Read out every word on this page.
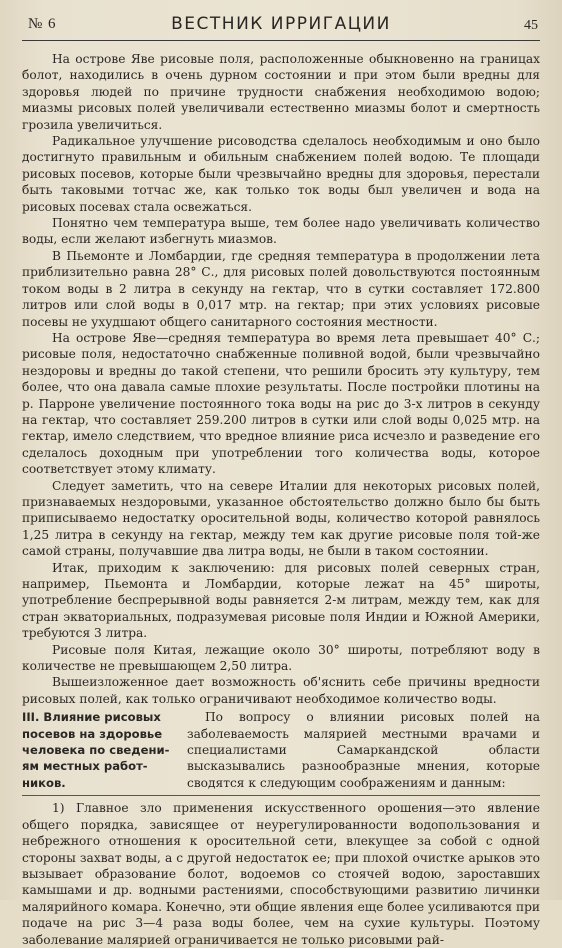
№ 6	ВЕСТНИК ИРРИГАЦИИ	45

На острове Яве рисовые поля, расположенные обыкновенно на границах болот, находились в очень дурном состоянии и при этом были вредны для здоровья людей по причине трудности снабжения необходимою водою; миазмы рисовых полей увеличивали естественно миазмы болот и смертность грозила увеличиться.

Радикальное улучшение рисоводства сделалось необходимым и оно было достигнуто правильным и обильным снабжением полей водою. Те площади рисовых посевов, которые были чрезвычайно вредны для здоровья, перестали быть таковыми тотчас же, как только ток воды был увеличен и вода на рисовых посевах стала освежаться.

Понятно чем температура выше, тем более надо увеличивать количество воды, если желают избегнуть миазмов.

В Пьемонте и Ломбардии, где средняя температура в продолжении лета приблизительно равна 28° С., для рисовых полей довольствуются постоянным током воды в 2 литра в секунду на гектар, что в сутки составляет 172.800 литров или слой воды в 0,017 мтр. на гектар; при этих условиях рисовые посевы не ухудшают общего санитарного состояния местности.

На острове Яве—средняя температура во время лета превышает 40° С.; рисовые поля, недостаточно снабженные поливной водой, были чрезвычайно нездоровы и вредны до такой степени, что решили бросить эту культуру, тем более, что она давала самые плохие результаты. После постройки плотины на р. Парроне увеличение постоянного тока воды на рис до 3-х литров в секунду на гектар, что составляет 259.200 литров в сутки или слой воды 0,025 мтр. на гектар, имело следствием, что вредное влияние риса исчезло и разведение его сделалось доходным при употреблении того количества воды, которое соответствует этому климату.

Следует заметить, что на севере Италии для некоторых рисовых полей, признаваемых нездоровыми, указанное обстоятельство должно было бы быть приписываемо недостатку оросительной воды, количество которой равнялось 1,25 литра в секунду на гектар, между тем как другие рисовые поля той-же самой страны, получавшие два литра воды, не были в таком состоянии.

Итак, приходим к заключению: для рисовых полей северных стран, например, Пьемонта и Ломбардии, которые лежат на 45° широты, употребление беспрерывной воды равняется 2-м литрам, между тем, как для стран экваториальных, подразумевая рисовые поля Индии и Южной Америки, требуются 3 литра.

Рисовые поля Китая, лежащие около 30° широты, потребляют воду в количестве не превышающем 2,50 литра.

Вышеизложенное дает возможность об'яснить себе причины вредности рисовых полей, как только ограничивают необходимое количество воды.

III. Влияние рисовых
посевов на здоровье
человека по сведени-
ям местных работ-
ников.
По вопросу о влиянии рисовых полей на заболеваемость малярией местными врачами и специалистами Самаркандской области высказывались разнообразные мнения, которые сводятся к следующим соображениям и данным:

1) Главное зло применения искусственного орошения—это явление общего порядка, зависящее от неурегулированности водопользования и небрежного отношения к оросительной сети, влекущее за собой с одной стороны захват воды, а с другой недостаток ее; при плохой очистке арыков это вызывает образование болот, водоемов со стоячей водою, зароставших камышами и др. водными растениями, способствующими развитию личинки малярийного комара. Конечно, эти общие явления еще более усиливаются при подаче на рис 3—4 раза воды более, чем на сухие культуры. Поэтому заболевание малярией ограничивается не только рисовыми рай-
